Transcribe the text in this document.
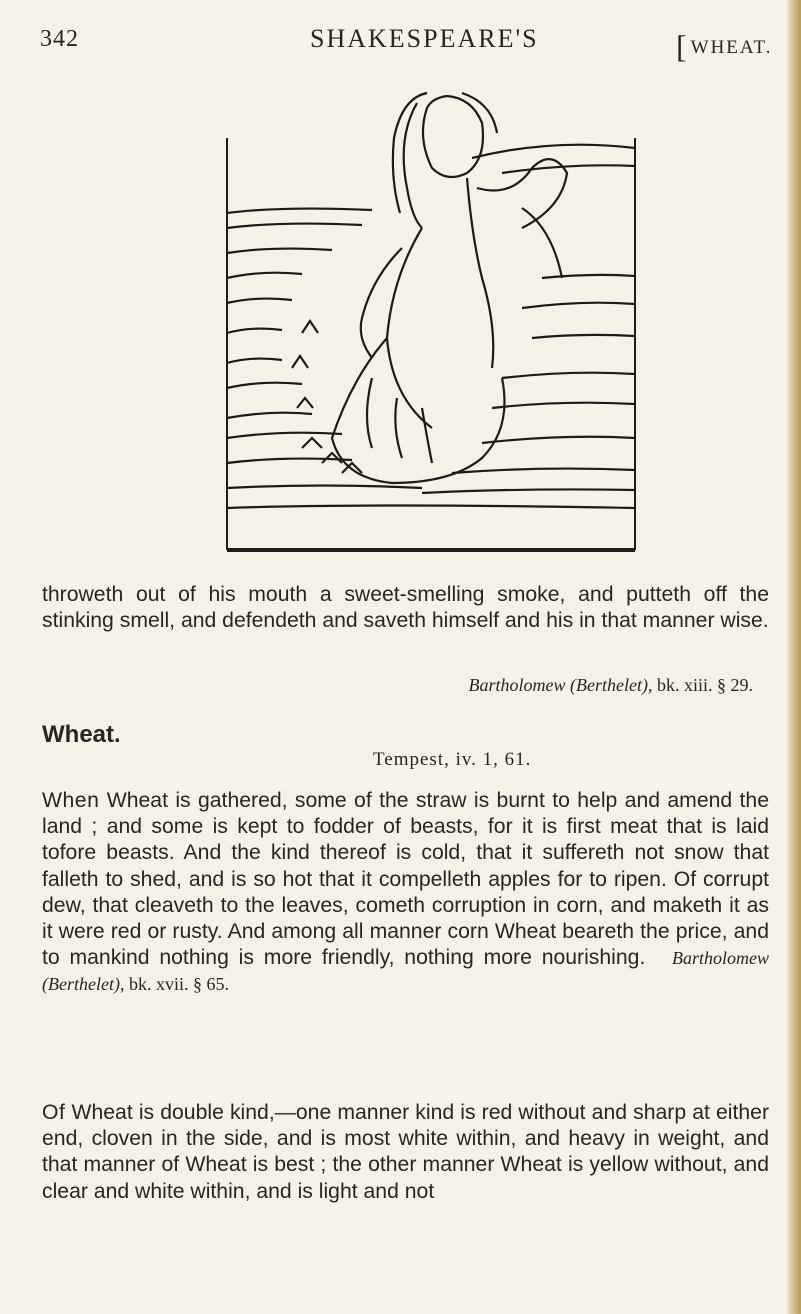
342	SHAKESPEARE'S	[ WHEAT.

throweth out of his mouth a sweet-smelling smoke, and putteth off the stinking smell, and defendeth and saveth himself and his in that manner wise.

Bartholomew (Berthelet), bk. xiii. § 29.
Wheat.
Tempest, iv. 1, 61.

When Wheat is gathered, some of the straw is burnt to help and amend the land ; and some is kept to fodder of beasts, for it is first meat that is laid tofore beasts. And the kind thereof is cold, that it suffereth not snow that falleth to shed, and is so hot that it compelleth apples for to ripen. Of corrupt dew, that cleaveth to the leaves, cometh corruption in corn, and maketh it as it were red or rusty. And among all manner corn Wheat beareth the price, and to mankind nothing is more friendly, nothing more nourishing. Bartholomew (Berthelet), bk. xvii. § 65.

Of Wheat is double kind,—one manner kind is red without and sharp at either end, cloven in the side, and is most white within, and heavy in weight, and that manner of Wheat is best ; the other manner Wheat is yellow without, and clear and white within, and is light and not
